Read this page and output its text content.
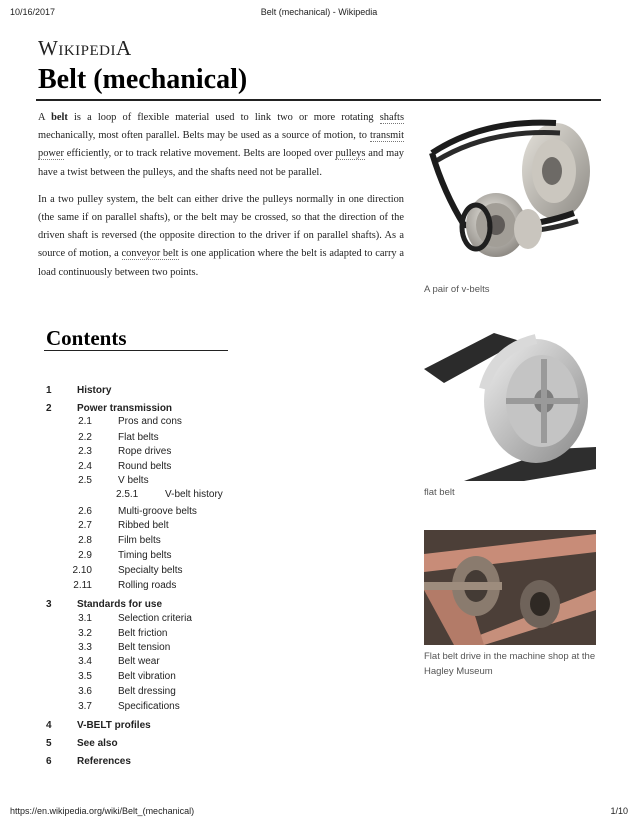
10/16/2017	Belt (mechanical) - Wikipedia
WIKIPEDIA
Belt (mechanical)

A belt is a loop of flexible material used to link two or more rotating shafts mechanically, most often parallel. Belts may be used as a source of motion, to transmit power efficiently, or to track relative movement. Belts are looped over pulleys and may have a twist between the pulleys, and the shafts need not be parallel.

In a two pulley system, the belt can either drive the pulleys normally in one direction (the same if on parallel shafts), or the belt may be crossed, so that the direction of the driven shaft is reversed (the opposite direction to the driver if on parallel shafts). As a source of motion, a conveyor belt is one application where the belt is adapted to carry a load continuously between two points.

A pair of v-belts
flat belt
Flat belt drive in the machine shop at the Hagley Museum
Contents
1	History
2	Power transmission
2.1	Pros and cons
2.2	Flat belts
2.3	Rope drives
2.4	Round belts
2.5	V belts
2.5.1	V-belt history
2.6	Multi-groove belts
2.7	Ribbed belt
2.8	Film belts
2.9	Timing belts
2.10	Specialty belts
2.11	Rolling roads
3	Standards for use
3.1	Selection criteria
3.2	Belt friction
3.3	Belt tension
3.4	Belt wear
3.5	Belt vibration
3.6	Belt dressing
3.7	Specifications
4	V-BELT profiles
5	See also
6	References
https://en.wikipedia.org/wiki/Belt_(mechanical)	1/10
